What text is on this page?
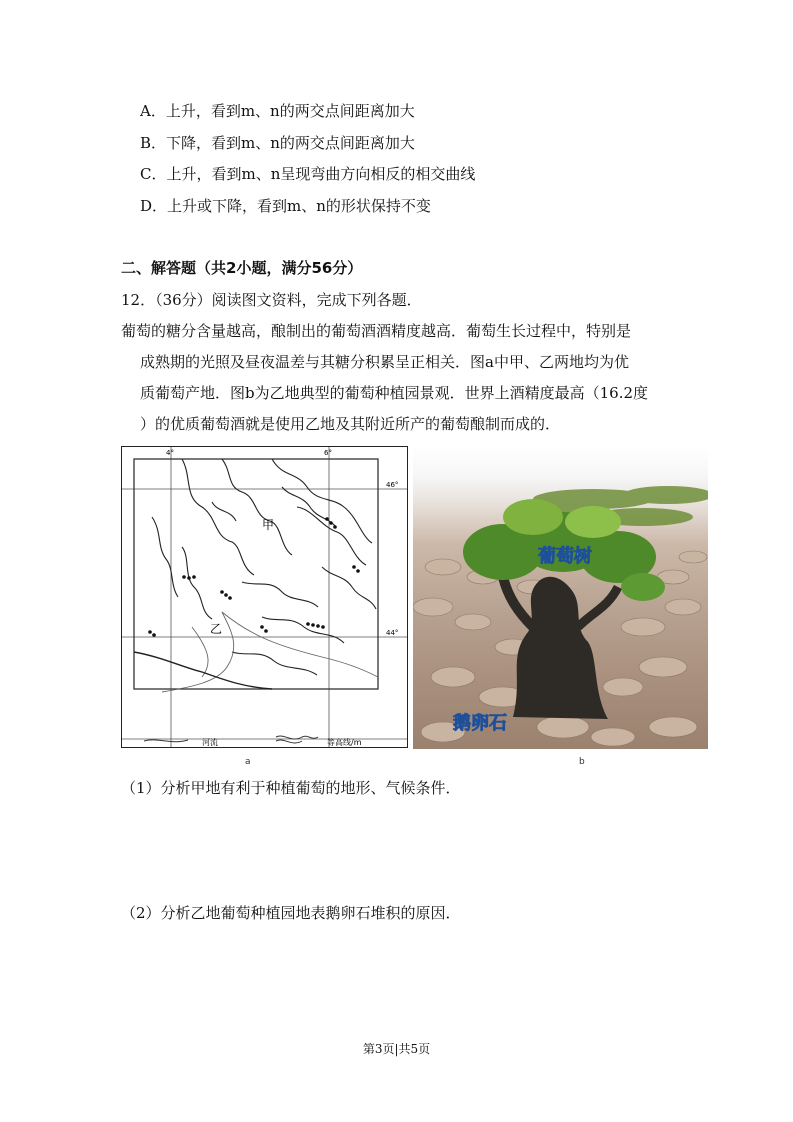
A．上升，看到m、n的两交点间距离加大
B．下降，看到m、n的两交点间距离加大
C．上升，看到m、n呈现弯曲方向相反的相交曲线
D．上升或下降，看到m、n的形状保持不变
二、解答题（共2小题，满分56分）
12．（36分）阅读图文资料，完成下列各题．
葡萄的糖分含量越高，酿制出的葡萄酒酒精度越高．葡萄生长过程中，特别是
成熟期的光照及昼夜温差与其糖分积累呈正相关．图a中甲、乙两地均为优
质葡萄产地．图b为乙地典型的葡萄种植园景观．世界上酒精度最高（16.2度
）的优质葡萄酒就是使用乙地及其附近所产的葡萄酿制而成的．
甲
乙
4°	6°
46°
44°
河流	等高线/m
a
葡萄树
鹅卵石
b
（1）分析甲地有利于种植葡萄的地形、气候条件．
（2）分析乙地葡萄种植园地表鹅卵石堆积的原因．
第3页|共5页
